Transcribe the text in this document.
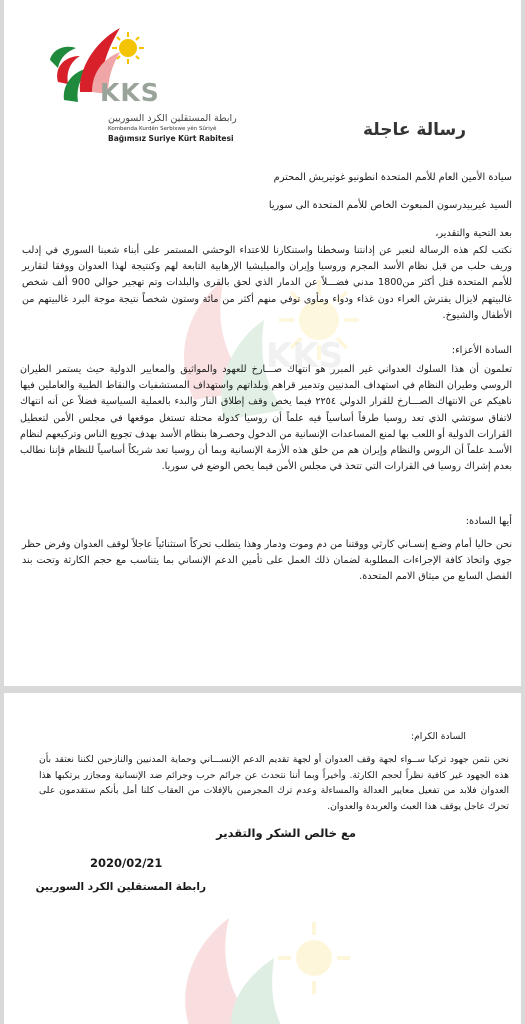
KKS
KKS
رابطة المستقلين الكرد السوريين
Kombenda Kurdên Serbixwe yên Sûriyê
Bağımsız Suriye Kürt Rabitesi	رسالة عاجلة
سيادة الأمين العام للأمم المتحدة انطونيو غوتيريش المحترم
السيد غيربيدرسون المبعوث الخاص للأمم المتحدة الى سوريا
بعد التحية والتقدير،
نكتب لكم هذه الرسالة لنعبر عن إدانتنا وسخطنا واستنكارنا للاعتداء الوحشي المستمر على أبناء شعبنا السوري في إدلب وريف حلب من قبل نظام الأسد المجرم وروسيا وإيران والميليشيا الإرهابية التابعة لهم وكنتيجة لهذا العدوان ووفقا لتقارير للأمم المتحدة قتل أكثر من1800 مدني فضـــلاً عن الدمار الذي لحق بالقرى والبلدات وتم تهجير حوالي 900 ألف شخص غالبيتهم لايزال يفترش العراء دون غذاء ودواء ومأوى توفي منهم أكثر من مائة وستون شخصاً نتيجة موجة البرد غالبيتهم من الأطفال والشيوخ.
السادة الأعزاء:
تعلمون أن هذا السلوك العدواني غير المبرر هو انتهاك صـــارخ للعهود والمواثيق والمعايير الدولية حيث يستمر الطيران الروسي وطيران النظام في استهداف المدنيين وتدمير قراهم وبلداتهم واستهداف المستشفيات والنقاط الطبية والعاملين فيها ناهيكم عن الانتهاك الصـــارخ للقرار الدولي ٢٢٥٤ فيما يخص وقف إطلاق النار والبدء بالعملية السياسية فضلاً عن أنه انتهاك لاتفاق سوتشي الذي تعد روسيا طرفاً أساسياً فيه علماً أن روسيا كدولة محتلة تستغل موقعها في مجلس الأمن لتعطيل القرارات الدولية أو اللعب بها لمنع المساعدات الإنسانية من الدخول وحصـرها بنظام الأسد بهدف تجويع الناس وتركيعهم لنظام الأسـد علماً أن الروس والنظام وإيران هم من خلق هذه الأزمة الإنسانية وبما أن روسيا تعد شريكاً أساسياً للنظام فإننا نطالب بعدم إشراك روسيا في القرارات التي تتخذ في مجلس الأمن فيما يخص الوضع في سوريا.
أيها السادة:
نحن حاليا أمام وضـع إنسـاني كارثي ووقتنا من دم وموت ودمار وهذا يتطلب تحركاً استثنائياً عاجلاً لوقف العدوان وفرض حظر جوي واتخاذ كافة الإجراءات المطلوبة لضمان ذلك العمل على تأمين الدعم الإنساني بما يتناسب مع حجم الكارثة وتحت بند الفصل السابع من ميثاق الامم المتحدة.
السادة الكرام:
نحن نثمن جهود تركيا ســواء لجهة وقف العدوان أو لجهة تقديم الدعم الإنســـاني وحماية المدنيين والنازحين لكننا نعتقد بأن هذه الجهود غير كافية نظراً لحجم الكارثة. وأخيراً وبما أننا نتحدث عن جرائم حرب وجرائم ضد الإنسانية ومجازر يرتكبها هذا العدوان فلابد من تفعيل معايير العدالة والمساءلة وعدم ترك المجرمين بالإفلات من العقاب كلنا أمل بأنكم ستقدمون على تحرك عاجل يوقف هذا العبث والعربدة والعدوان.
مع خالص الشكر والتقدير
2020/02/21
رابطة المستقلين الكرد السوريين
